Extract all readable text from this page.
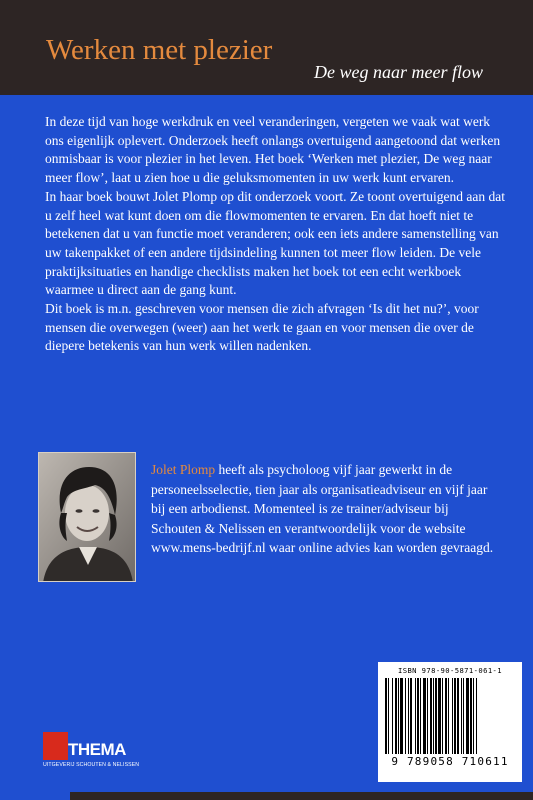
Werken met plezier
De weg naar meer flow

In deze tijd van hoge werkdruk en veel veranderingen, vergeten we vaak wat werk ons eigenlijk oplevert. Onderzoek heeft onlangs overtuigend aangetoond dat werken onmisbaar is voor plezier in het leven. Het boek ‘Werken met plezier, De weg naar meer flow’, laat u zien hoe u die geluksmomenten in uw werk kunt ervaren.

In haar boek bouwt Jolet Plomp op dit onderzoek voort. Ze toont overtuigend aan dat u zelf heel wat kunt doen om die flowmomenten te ervaren. En dat hoeft niet te betekenen dat u van functie moet veranderen; ook een iets andere samenstelling van uw takenpakket of een andere tijdsindeling kunnen tot meer flow leiden. De vele praktijksituaties en handige checklists maken het boek tot een echt werkboek waarmee u direct aan de gang kunt.

Dit boek is m.n. geschreven voor mensen die zich afvragen ‘Is dit het nu?’, voor mensen die overwegen (weer) aan het werk te gaan en voor mensen die over de diepere betekenis van hun werk willen nadenken.

Jolet Plomp heeft als psycholoog vijf jaar gewerkt in de personeelsselectie, tien jaar als organisatieadviseur en vijf jaar bij een arbodienst. Momenteel is ze trainer/adviseur bij Schouten & Nelissen en verantwoordelijk voor de website www.mens-bedrijf.nl waar online advies kan worden gevraagd.

ISBN 978-90-5871-061-1
9 789058 710611
THEMA
UITGEVERIJ SCHOUTEN & NELISSEN
